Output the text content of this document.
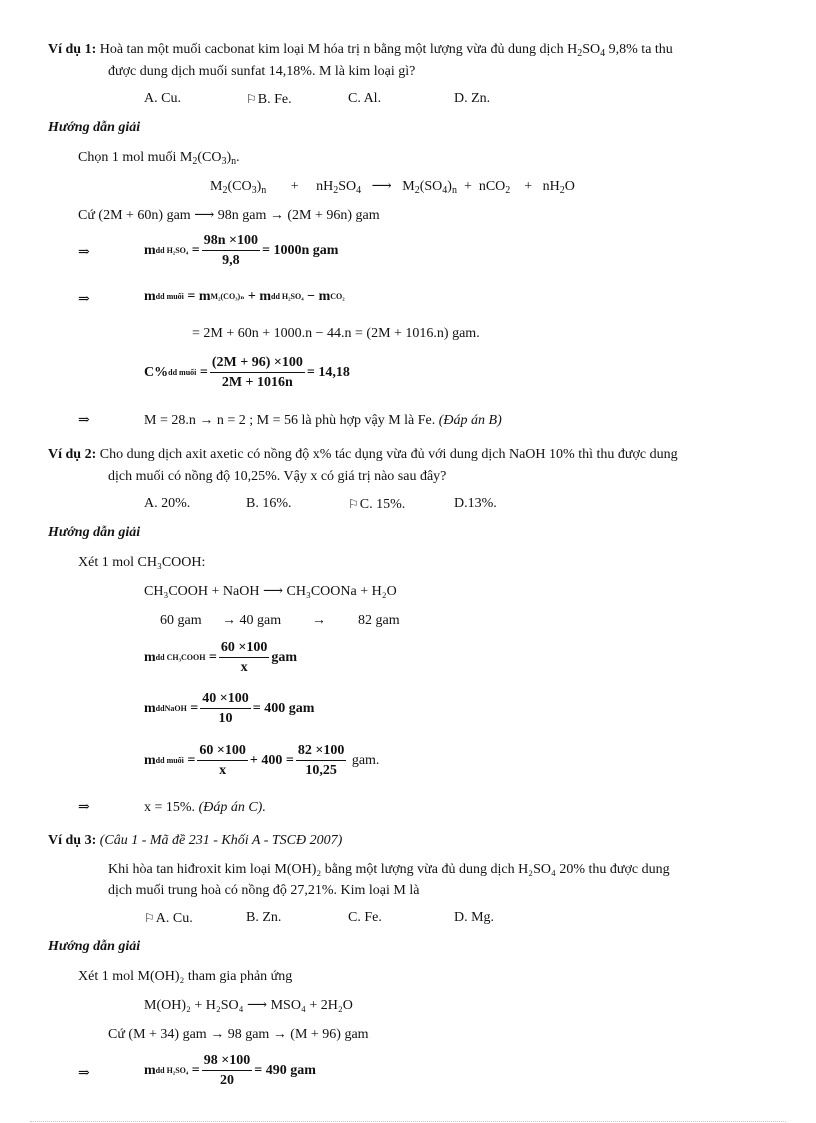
Ví dụ 1: Hoà tan một muối cacbonat kim loại M hóa trị n bằng một lượng vừa đủ dung dịch $H_2SO_4$ 9,8% ta thu
được dung dịch muối sunfat 14,18%. M là kim loại gì?
A. Cu.	⚐B. Fe.	C. Al.	D. Zn.
Hướng dẫn giải
Chọn 1 mol muối $M_2(CO_3)_n$.
$M_2(CO_3)_n$       +     $nH_2SO_4$   ⟶   $M_2(SO_4)_n + nCO_2$    +   $nH_2O$
Cứ (2M + 60n) gam ⟶ 98n gam → (2M + 96n) gam
⇒	m dd $H_2SO_4 = \frac{98n \times 100}{9,8} = 1000n$ gam
⇒	m dd muối
= m M₂(CO₃)ₙ
+ m dd H₂SO₄
− m CO₂
= 2M + 60n + 1000.n − 44.n = (2M + 1016.n) gam.
C% dd muối = $\frac{(2M + 96) \times 100}{2M + 1016n} = 14,18$
⇒	M = 28.n → n = 2 ; M = 56 là phù hợp vậy M là Fe. (Đáp án B)
Ví dụ 2: Cho dung dịch axit axetic có nồng độ x% tác dụng vừa đủ với dung dịch NaOH 10% thì thu được dung
dịch muối có nồng độ 10,25%. Vậy x có giá trị nào sau đây?
A. 20%.	B. 16%.	⚐C. 15%.	D.13%.
Hướng dẫn giải
Xét 1 mol CH₃COOH:
CH₃COOH + NaOH ⟶ CH₃COONa + H₂O
60 gam → 40 gam → 82 gam
m dd CH₃COOH = $\frac{60 \times 100}{x}$ gam
m ddNaOH = $\frac{40 \times 100}{10} = 400$ gam
m dd muối = $\frac{60 \times 100}{x} + 400 = \frac{82 \times 100}{10,25}$
gam.
⇒	x = 15%. (Đáp án C).
Ví dụ 3: (Câu 1 - Mã đề 231 - Khối A - TSCĐ 2007)
Khi hòa tan hiđroxit kim loại M(OH)₂ bằng một lượng vừa đủ dung dịch H₂SO₄ 20% thu được dung
dịch muối trung hoà có nồng độ 27,21%. Kim loại M là
⚐A. Cu.	B. Zn.	C. Fe.	D. Mg.
Hướng dẫn giải
Xét 1 mol M(OH)₂ tham gia phản ứng
M(OH)₂ + H₂SO₄ ⟶ MSO₄ + 2H₂O
Cứ (M + 34) gam → 98 gam → (M + 96) gam
⇒	m dd $H_2SO_4 = \frac{98 \times 100}{20} = 490$ gam
